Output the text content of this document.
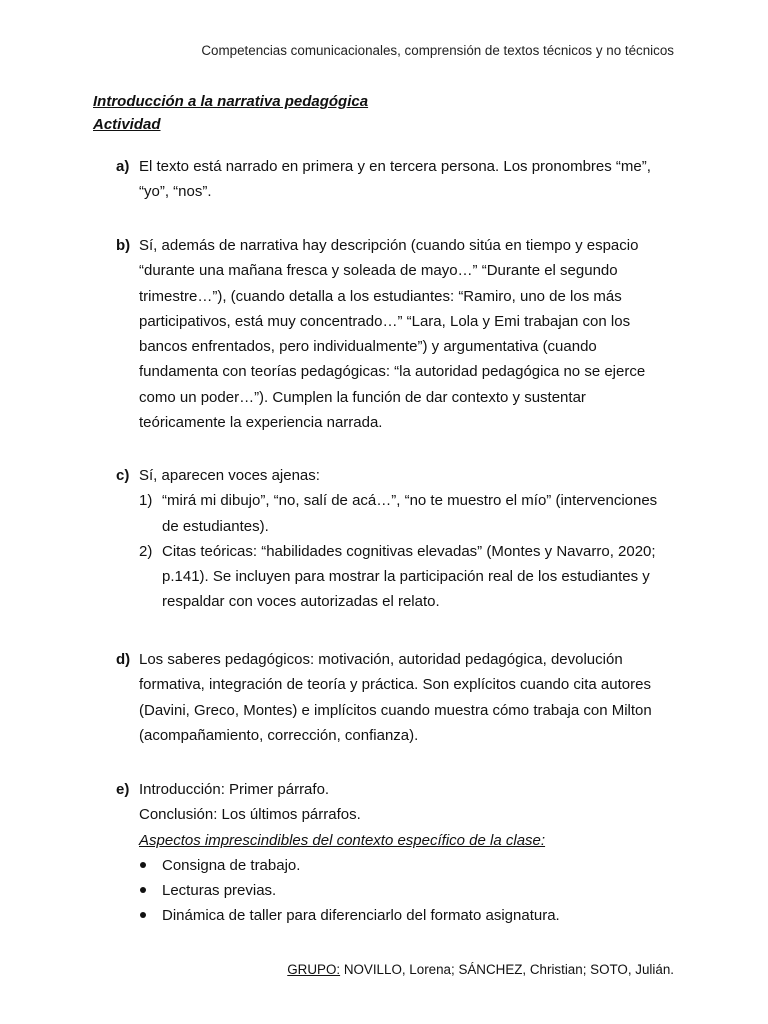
Competencias comunicacionales, comprensión de textos técnicos y no técnicos
Introducción a la narrativa pedagógica
Actividad
a) El texto está narrado en primera y en tercera persona. Los pronombres “me”, “yo”, “nos”.

b) Sí, además de narrativa hay descripción (cuando sitúa en tiempo y espacio “durante una mañana fresca y soleada de mayo…” “Durante el segundo trimestre…”), (cuando detalla a los estudiantes: “Ramiro, uno de los más participativos, está muy concentrado…” “Lara, Lola y Emi trabajan con los bancos enfrentados, pero individualmente”) y argumentativa (cuando fundamenta con teorías pedagógicas: “la autoridad pedagógica no se ejerce como un poder…”). Cumplen la función de dar contexto y sustentar teóricamente la experiencia narrada.

c) Sí, aparecen voces ajenas:

1) “mirá mi dibujo”, “no, salí de acá…”, “no te muestro el mío” (intervenciones de estudiantes).
2) Citas teóricas: “habilidades cognitivas elevadas” (Montes y Navarro, 2020; p.141). Se incluyen para mostrar la participación real de los estudiantes y respaldar con voces autorizadas el relato.
d) Los saberes pedagógicos: motivación, autoridad pedagógica, devolución formativa, integración de teoría y práctica. Son explícitos cuando cita autores (Davini, Greco, Montes) e implícitos cuando muestra cómo trabaja con Milton (acompañamiento, corrección, confianza).

e) Introducción: Primer párrafo.

Conclusión: Los últimos párrafos.

Aspectos imprescindibles del contexto específico de la clase:

Consigna de trabajo.
Lecturas previas.
Dinámica de taller para diferenciarlo del formato asignatura.
GRUPO: NOVILLO, Lorena; SÁNCHEZ, Christian; SOTO, Julián.
